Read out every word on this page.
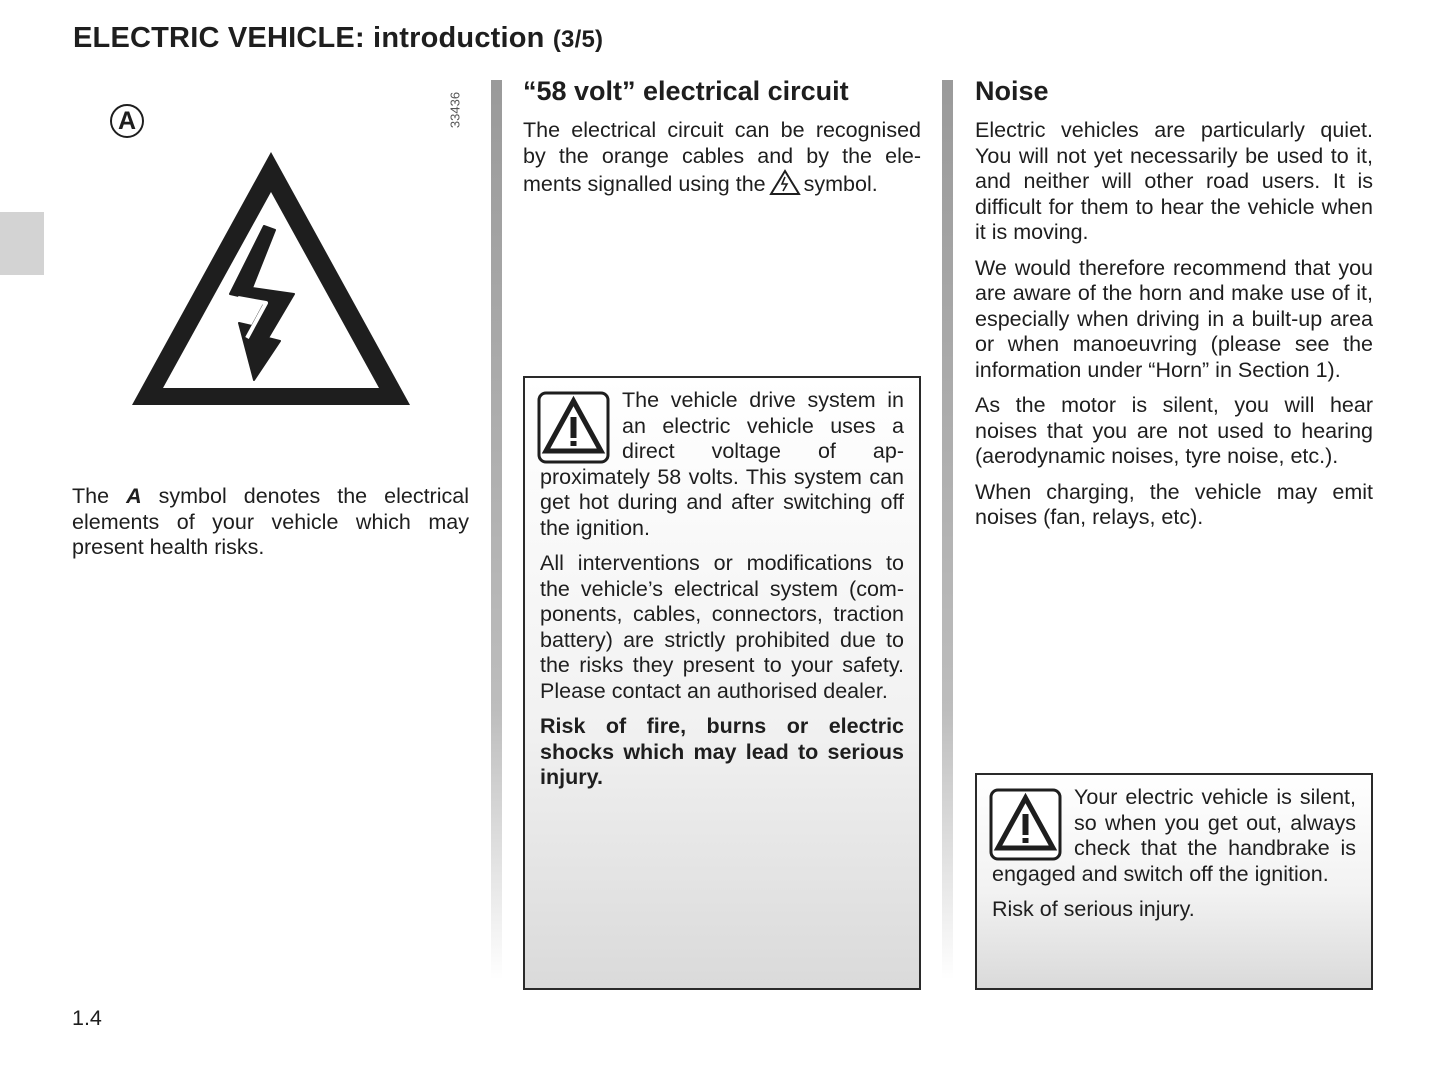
ELECTRIC VEHICLE: introduction (3/5)
33436
A

The A symbol denotes the electrical elements of your vehicle which may present health risks.

“58 volt” electrical circuit

The electrical circuit can be recognised by the orange cables and by the elements signalled using the symbol.

The vehicle drive system in an electric vehicle uses a direct voltage of approximately 58 volts. This system can get hot during and after switching off the ignition.

All interventions or modifications to the vehicle’s electrical system (components, cables, connectors, traction battery) are strictly prohibited due to the risks they present to your safety. Please contact an authorised dealer.

Risk of fire, burns or electric shocks which may lead to serious injury.

Noise

Electric vehicles are particularly quiet. You will not yet necessarily be used to it, and neither will other road users. It is difficult for them to hear the vehicle when it is moving.

We would therefore recommend that you are aware of the horn and make use of it, especially when driving in a built-up area or when manoeuvring (please see the information under “Horn” in Section 1).

As the motor is silent, you will hear noises that you are not used to hearing (aerodynamic noises, tyre noise, etc.).

When charging, the vehicle may emit noises (fan, relays, etc).

Your electric vehicle is silent, so when you get out, always check that the handbrake is engaged and switch off the ignition.

Risk of serious injury.

1.4
